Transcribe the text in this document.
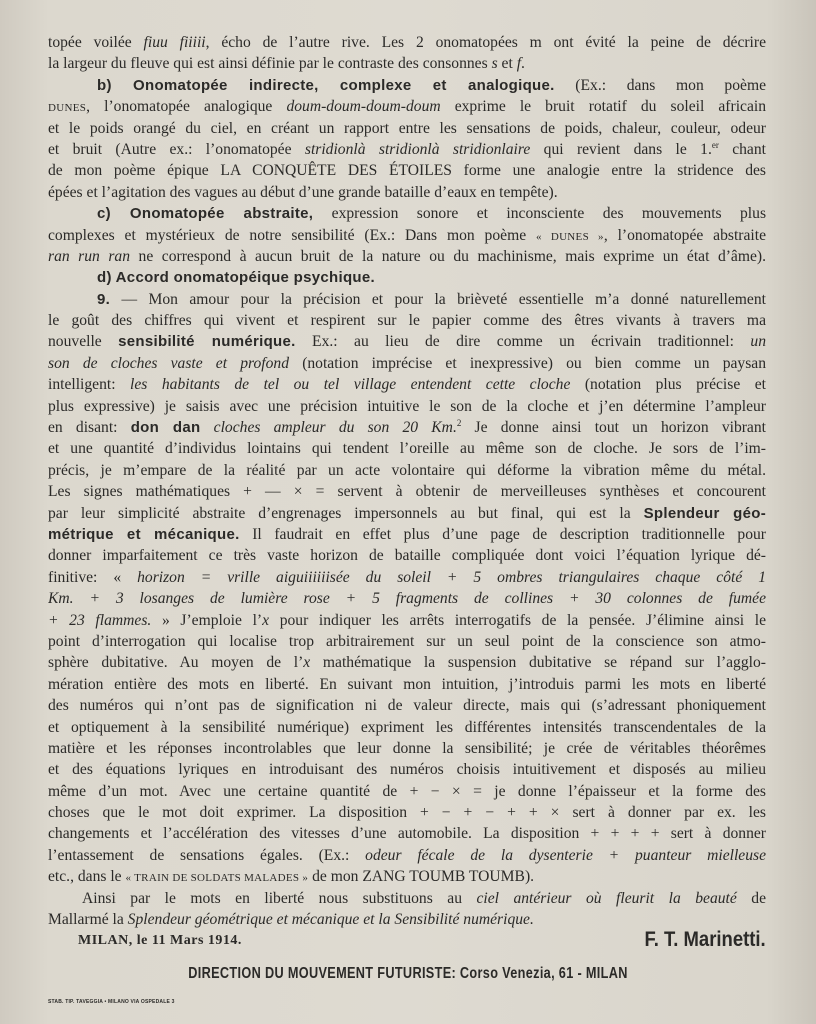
topée voilée fiuu fiiiii, écho de l’autre rive. Les 2 onomatopées m ont évité la peine de décrire
la largeur du fleuve qui est ainsi définie par le contraste des consonnes s et f.
b) Onomatopée indirecte, complexe et analogique. (Ex.: dans mon poème
DUNES, l’onomatopée analogique doum-doum-doum-doum exprime le bruit rotatif du soleil africain
et le poids orangé du ciel, en créant un rapport entre les sensations de poids, chaleur, couleur, odeur
et bruit (Autre ex.: l’onomatopée stridionlà stridionlà stridionlaire qui revient dans le 1.$^{er}$ chant
de mon poème épique LA CONQUÊTE DES ÉTOILES forme une analogie entre la stridence des
épées et l’agitation des vagues au début d’une grande bataille d’eaux en tempête).
c) Onomatopée abstraite, expression sonore et inconsciente des mouvements plus
complexes et mystérieux de notre sensibilité (Ex.: Dans mon poème « DUNES », l’onomatopée abstraite
ran run ran ne correspond à aucun bruit de la nature ou du machinisme, mais exprime un état d’âme).
d) Accord onomatopéique psychique.
9. — Mon amour pour la précision et pour la brièveté essentielle m’a donné naturellement
le goût des chiffres qui vivent et respirent sur le papier comme des êtres vivants à travers ma
nouvelle sensibilité numérique. Ex.: au lieu de dire comme un écrivain traditionnel: un
son de cloches vaste et profond (notation imprécise et inexpressive) ou bien comme un paysan
intelligent: les habitants de tel ou tel village entendent cette cloche (notation plus précise et
plus expressive) je saisis avec une précision intuitive le son de la cloche et j’en détermine l’ampleur
en disant: don dan cloches ampleur du son 20 Km.$^2$ Je donne ainsi tout un horizon vibrant
et une quantité d’individus lointains qui tendent l’oreille au même son de cloche. Je sors de l’im-
précis, je m’empare de la réalité par un acte volontaire qui déforme la vibration même du métal.
Les signes mathématiques + — × = servent à obtenir de merveilleuses synthèses et concourent
par leur simplicité abstraite d’engrenages impersonnels au but final, qui est la Splendeur géo-
métrique et mécanique. Il faudrait en effet plus d’une page de description traditionnelle pour
donner imparfaitement ce très vaste horizon de bataille compliquée dont voici l’équation lyrique dé-
finitive: « horizon = vrille aiguiiiiiisée du soleil + 5 ombres triangulaires chaque côté 1
Km. + 3 losanges de lumière rose + 5 fragments de collines + 30 colonnes de fumée
+ 23 flammes. » J’emploie l’x pour indiquer les arrêts interrogatifs de la pensée. J’élimine ainsi le
point d’interrogation qui localise trop arbitrairement sur un seul point de la conscience son atmo-
sphère dubitative. Au moyen de l’x mathématique la suspension dubitative se répand sur l’agglo-
mération entière des mots en liberté. En suivant mon intuition, j’introduis parmi les mots en liberté
des numéros qui n’ont pas de signification ni de valeur directe, mais qui (s’adressant phoniquement
et optiquement à la sensibilité numérique) expriment les différentes intensités transcendentales de la
matière et les réponses incontrolables que leur donne la sensibilité; je crée de véritables théorêmes
et des équations lyriques en introduisant des numéros choisis intuitivement et disposés au milieu
même d’un mot. Avec une certaine quantité de + − × = je donne l’épaisseur et la forme des
choses que le mot doit exprimer. La disposition + − + − + + × sert à donner par ex. les
changements et l’accélération des vitesses d’une automobile. La disposition + + + + sert à donner
l’entassement de sensations égales. (Ex.: odeur fécale de la dysenterie + puanteur mielleuse
etc., dans le « TRAIN DE SOLDATS MALADES » de mon ZANG TOUMB TOUMB).
Ainsi par le mots en liberté nous substituons au ciel antérieur où fleurit la beauté de
Mallarmé la Splendeur géométrique et mécanique et la Sensibilité numérique.
MILAN, le 11 Mars 1914.	F. T. Marinetti.
DIRECTION DU MOUVEMENT FUTURISTE: Corso Venezia, 61 - MILAN
STAB. TIP. TAVEGGIA • MILANO VIA OSPEDALE 3
